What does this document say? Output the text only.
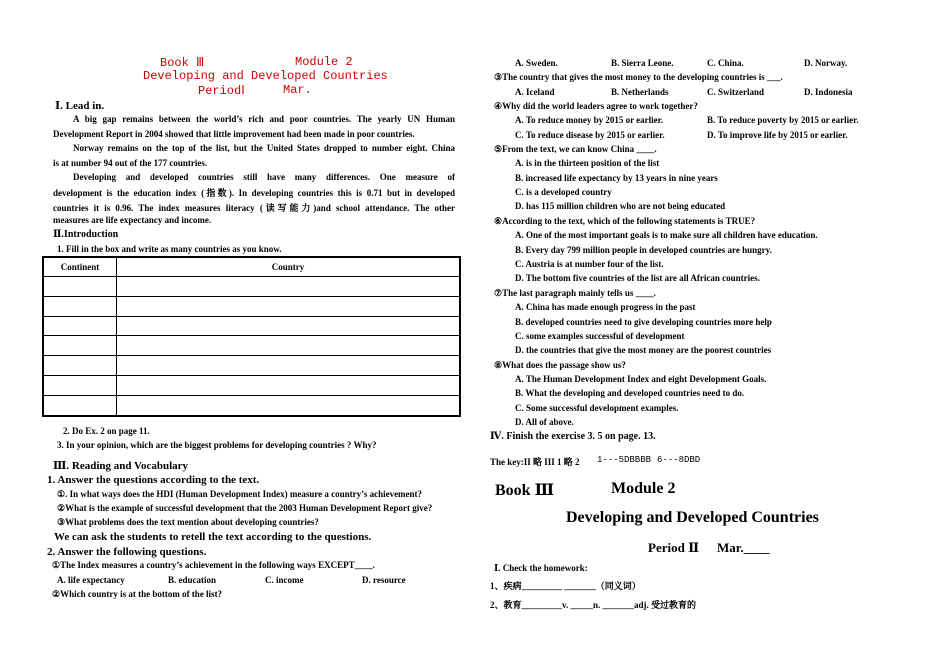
Book Ⅲ	Module 2
Developing and Developed Countries
PeriodⅠ	Mar.
Ⅰ. Lead in.
A big gap remains between the world’s rich and poor countries. The yearly UN Human
Development Report in 2004 showed that little improvement had been made in poor countries.
Norway remains on the top of the list, but the United States dropped to number eight. China
is at number 94 out of the 177 countries.
Developing and developed countries still have many differences. One measure of
development is the education index (指数). In developing countries this is 0.71 but in developed
countries it is 0.96. The index measures literacy (读写能力)and school attendance. The other
measures are life expectancy and income.
Ⅱ.Introduction
1. Fill in the box and write as many countries as you know.
Continent	Country

2. Do Ex. 2 on page 11.
3. In your opinion, which are the biggest problems for developing countries ? Why?
Ⅲ. Reading and Vocabulary
1. Answer the questions according to the text.
①. In what ways does the HDI (Human Development Index) measure a country’s achievement?
②What is the example of successful development that the 2003 Human Development Report give?
③What problems does the text mention about developing countries?
We can ask the students to retell the text according to the questions.
2. Answer the following questions.
①The Index measures a country’s achievement in the following ways EXCEPT____.
A. life expectancy	B. education	C. income	D. resource
②Which country is at the bottom of the list?
A. Sweden.	B. Sierra Leone.	C. China.	D. Norway.
③The country that gives the most money to the developing countries is ___.
A. Iceland	B. Netherlands	C. Switzerland	D. Indonesia
④Why did the world leaders agree to work together?
A. To reduce money by 2015 or earlier.	B. To reduce poverty by 2015 or earlier.
C. To reduce disease by 2015 or earlier.	D. To improve life by 2015 or earlier.
⑤From the text, we can know China ____.
A. is in the thirteen position of the list
B. increased life expectancy by 13 years in nine years
C. is a developed country
D. has 115 million children who are not being educated
⑥According to the text, which of the following statements is TRUE?
A. One of the most important goals is to make sure all children have education.
B. Every day 799 million people in developed countries are hungry.
C. Austria is at number four of the list.
D. The bottom five countries of the list are all African countries.
⑦The last paragraph mainly tells us ____.
A. China has made enough progress in the past
B. developed countries need to give developing countries more help
C. some examples successful of development
D. the countries that give the most money are the poorest countries
⑧What does the passage show us?
A. The Human Development Index and eight Development Goals.
B. What the developing and developed countries need to do.
C. Some successful development examples.
D. All of above.
Ⅳ. Finish the exercise 3. 5 on page. 13.
The key:II 略 III 1 略 2 1---5DBBBB 6---8DBD
Book Ⅲ	Module 2
Developing and Developed Countries
Period Ⅱ Mar.____
Ⅰ. Check the homework:
1、疾病_________ _______（同义词）
2、教育_________v. _____n. _______adj. 受过教育的
